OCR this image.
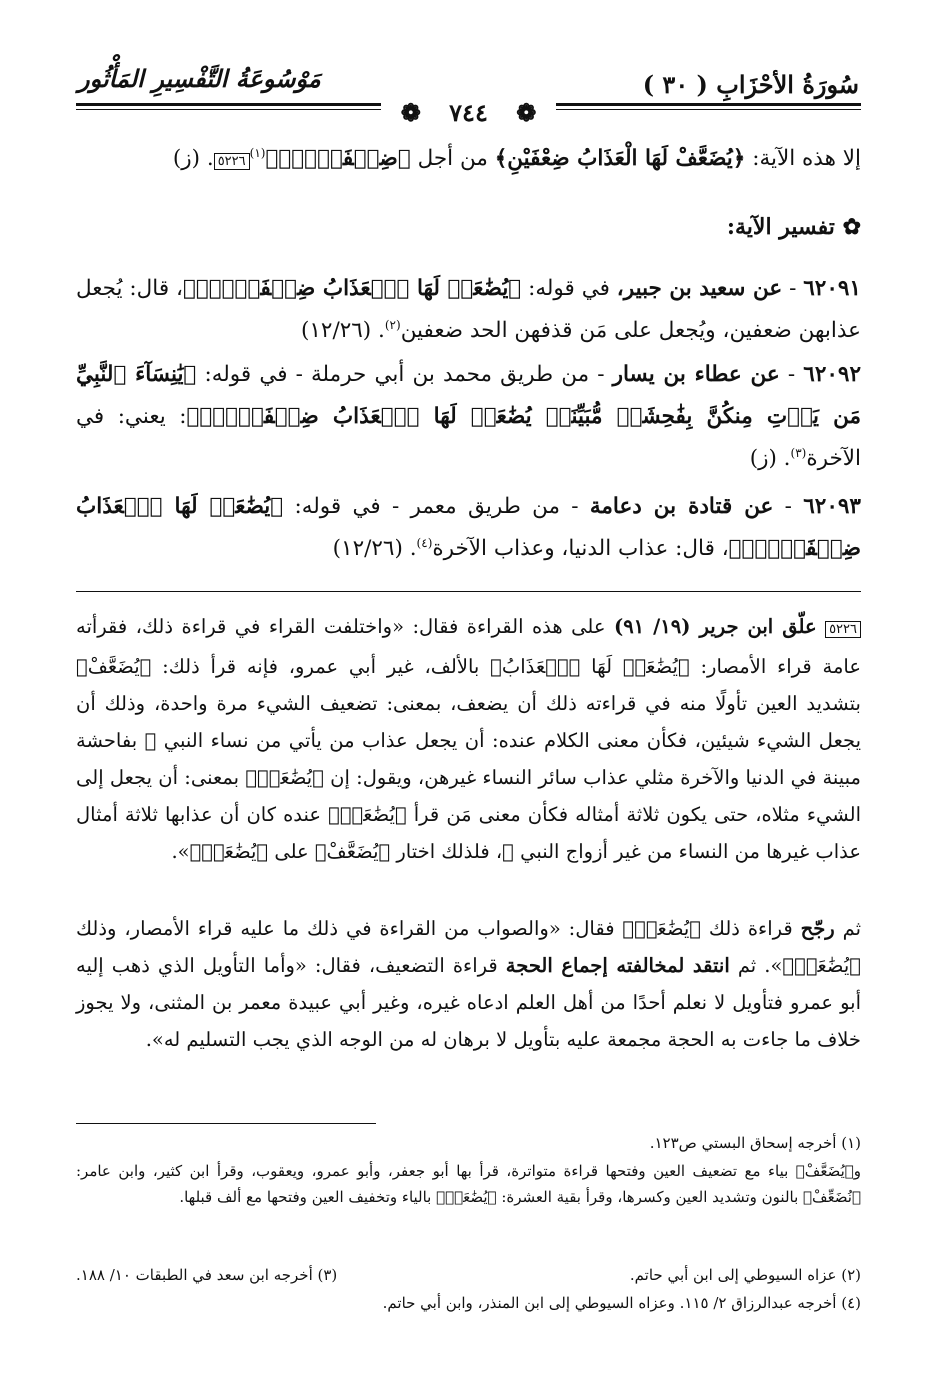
سُورَةُ الأحْزَابِ ( ٣٠ )
مَوْسُوعَةُ التَّفْسِيرِ المَأْثُور
❁ ٧٤٤ ❁
إلا هذه الآية: ﴿يُضَعَّفْ لَهَا الْعَذَابُ ضِعْفَيْنِ﴾ من أجل ﴿ضِعۡفَيۡنِۚ﴾$^{(١)}$٥٢٢٦. (ز)
✿ تفسير الآية:
٦٢٠٩١ - عن سعيد بن جبير، في قوله: ﴿يُضَٰعَفۡ لَهَا ٱلۡعَذَابُ ضِعۡفَيۡنِۚ﴾، قال: يُجعل عذابهن ضعفين، ويُجعل على مَن قذفهن الحد ضعفين$^{(٢)}$. (١٢/٢٦)
٦٢٠٩٢ - عن عطاء بن يسار - من طريق محمد بن أبي حرملة - في قوله: ﴿يَٰنِسَآءَ ٱلنَّبِيِّ مَن يَأۡتِ مِنكُنَّ بِفَٰحِشَةٖ مُّبَيِّنَةٖ يُضَٰعَفۡ لَهَا ٱلۡعَذَابُ ضِعۡفَيۡنِۚ﴾: يعني: في الآخرة$^{(٣)}$. (ز)
٦٢٠٩٣ - عن قتادة بن دعامة - من طريق معمر - في قوله: ﴿يُضَٰعَفۡ لَهَا ٱلۡعَذَابُ ضِعۡفَيۡنِۚ﴾، قال: عذاب الدنيا، وعذاب الآخرة$^{(٤)}$. (١٢/٢٦)
٥٢٢٦ علّق ابن جرير (١٩/ ٩١) على هذه القراءة فقال: «واختلفت القراء في قراءة ذلك، فقرأته عامة قراء الأمصار: ﴿يُضَٰعَفۡ لَهَا ٱلۡعَذَابُ﴾ بالألف، غير أبي عمرو، فإنه قرأ ذلك: ﴿يُضَعَّفْ﴾ بتشديد العين تأولًا منه في قراءته ذلك أن يضعف، بمعنى: تضعيف الشيء مرة واحدة، وذلك أن يجعل الشيء شيئين، فكأن معنى الكلام عنده: أن يجعل عذاب من يأتي من نساء النبي ﷺ بفاحشة مبينة في الدنيا والآخرة مثلي عذاب سائر النساء غيرهن، ويقول: إن ﴿يُضَٰعَفۡ﴾ بمعنى: أن يجعل إلى الشيء مثلاه، حتى يكون ثلاثة أمثاله فكأن معنى مَن قرأ ﴿يُضَٰعَفۡ﴾ عنده كان أن عذابها ثلاثة أمثال عذاب غيرها من النساء من غير أزواج النبي ﷺ، فلذلك اختار ﴿يُضَعَّفْ﴾ على ﴿يُضَٰعَفۡ﴾».
ثم رجّح قراءة ذلك ﴿يُضَٰعَفۡ﴾ فقال: «والصواب من القراءة في ذلك ما عليه قراء الأمصار، وذلك ﴿يُضَٰعَفۡ﴾». ثم انتقد لمخالفته إجماع الحجة قراءة التضعيف، فقال: «وأما التأويل الذي ذهب إليه أبو عمرو فتأويل لا نعلم أحدًا من أهل العلم ادعاه غيره، وغير أبي عبيدة معمر بن المثنى، ولا يجوز خلاف ما جاءت به الحجة مجمعة عليه بتأويل لا برهان له من الوجه الذي يجب التسليم له».
(١) أخرجه إسحاق البستي ص١٢٣.
و﴿يُضَعَّفْ﴾ بياء مع تضعيف العين وفتحها قراءة متواترة، قرأ بها أبو جعفر، وأبو عمرو، ويعقوب، وقرأ ابن كثير، وابن عامر: ﴿نُضَعِّفْ﴾ بالنون وتشديد العين وكسرها، وقرأ بقية العشرة: ﴿يُضَٰعَفۡ﴾ بالياء وتخفيف العين وفتحها مع ألف قبلها.
(٢) عزاه السيوطي إلى ابن أبي حاتم.
(٣) أخرجه ابن سعد في الطبقات ١٠/ ١٨٨.
(٤) أخرجه عبدالرزاق ٢/ ١١٥. وعزاه السيوطي إلى ابن المنذر، وابن أبي حاتم.
